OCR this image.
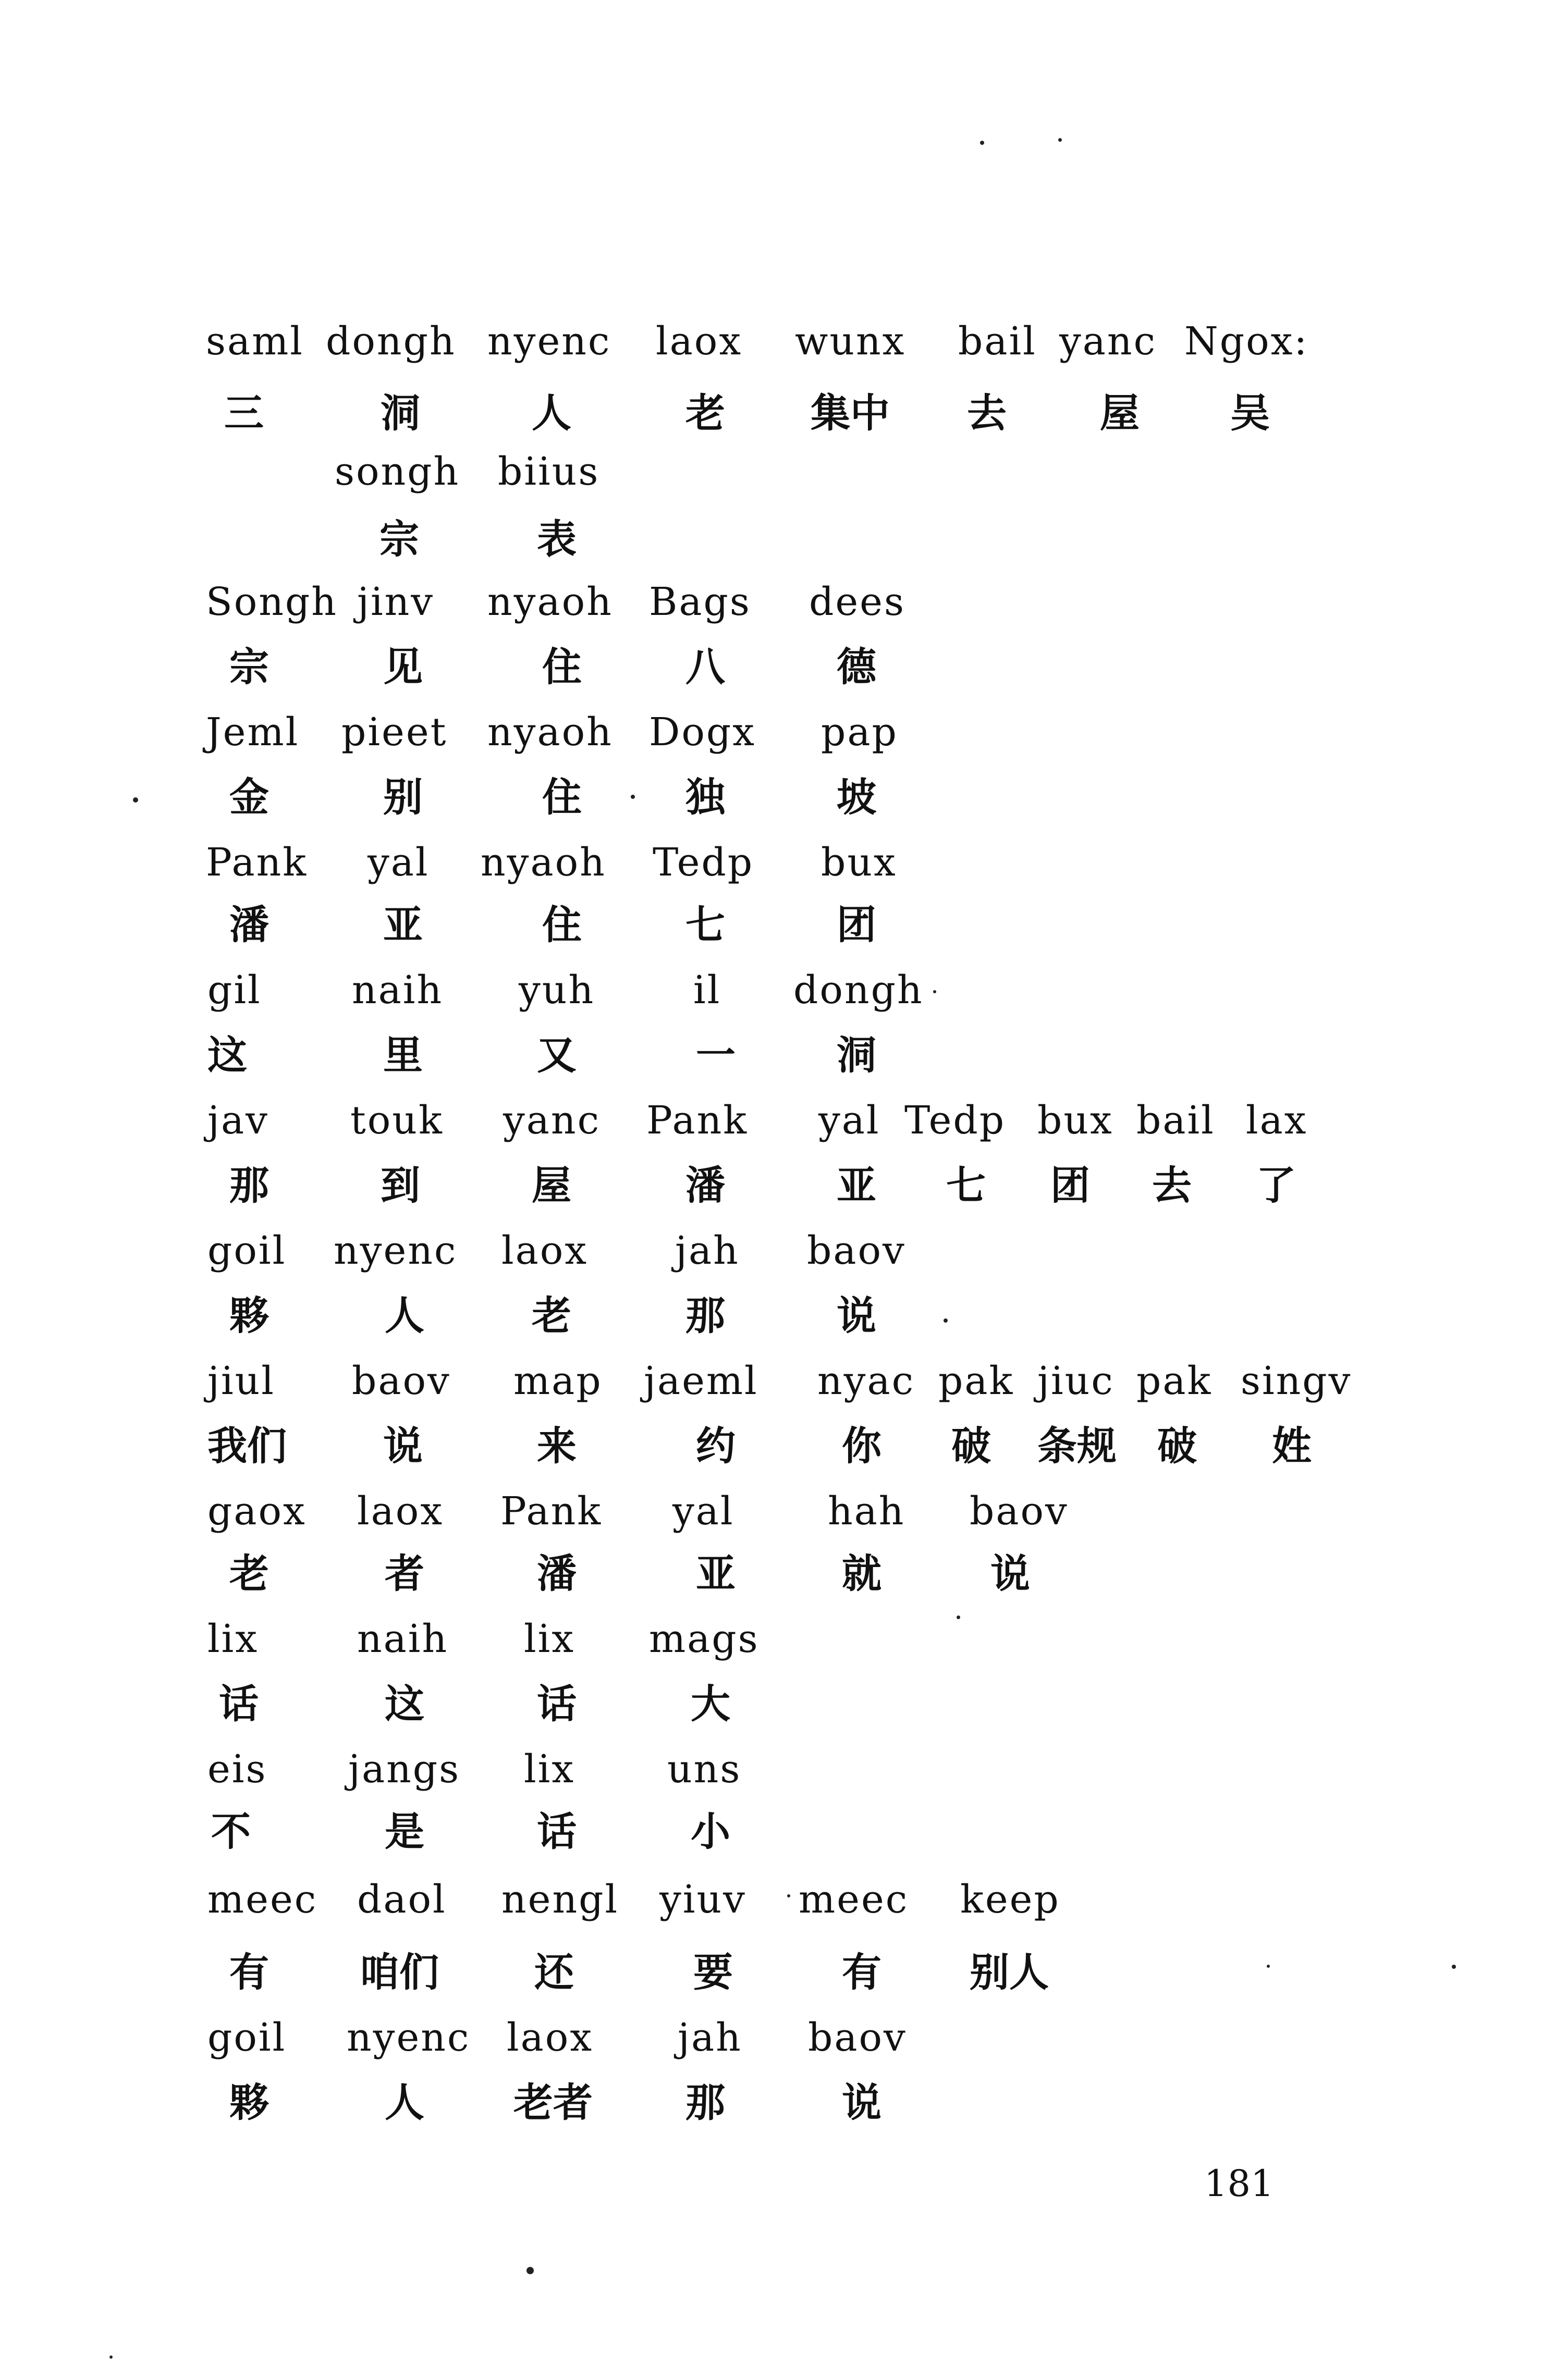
saml dongh nyenc laox wunx bail yanc Ngox:
三	洞	人	老 集中 去 屋 吴
songh biius
宗	表
Songh jinv nyaoh Bags dees
宗	见	住	八	德
Jeml pieet nyaoh Dogx pap
金	别	住	独	坡
Pank yal nyaoh Tedp bux
潘	亚	住	七	团
gil naih yuh	il dongh
这	里	又	一	洞
jav touk yanc Pank yal Tedp bux bail lax
那	到	屋	潘	亚 七 团 去 了
goil nyenc laox jah baov
夥	人	老	那	说
jiul baov map jaeml nyac pak jiuc pak singv
我们 说	来	约	你 破 条规 破 姓
gaox laox Pank yal hah baov
老	者	潘	亚	就	说
lix	naih lix mags
话	这	话	大
eis jangs lix uns
不	是	话	小
meec daol nengl yiuv meec keep
有 咱们 还	要	有 别人
goil nyenc laox jah baov
夥	人 老者 那	说
181
